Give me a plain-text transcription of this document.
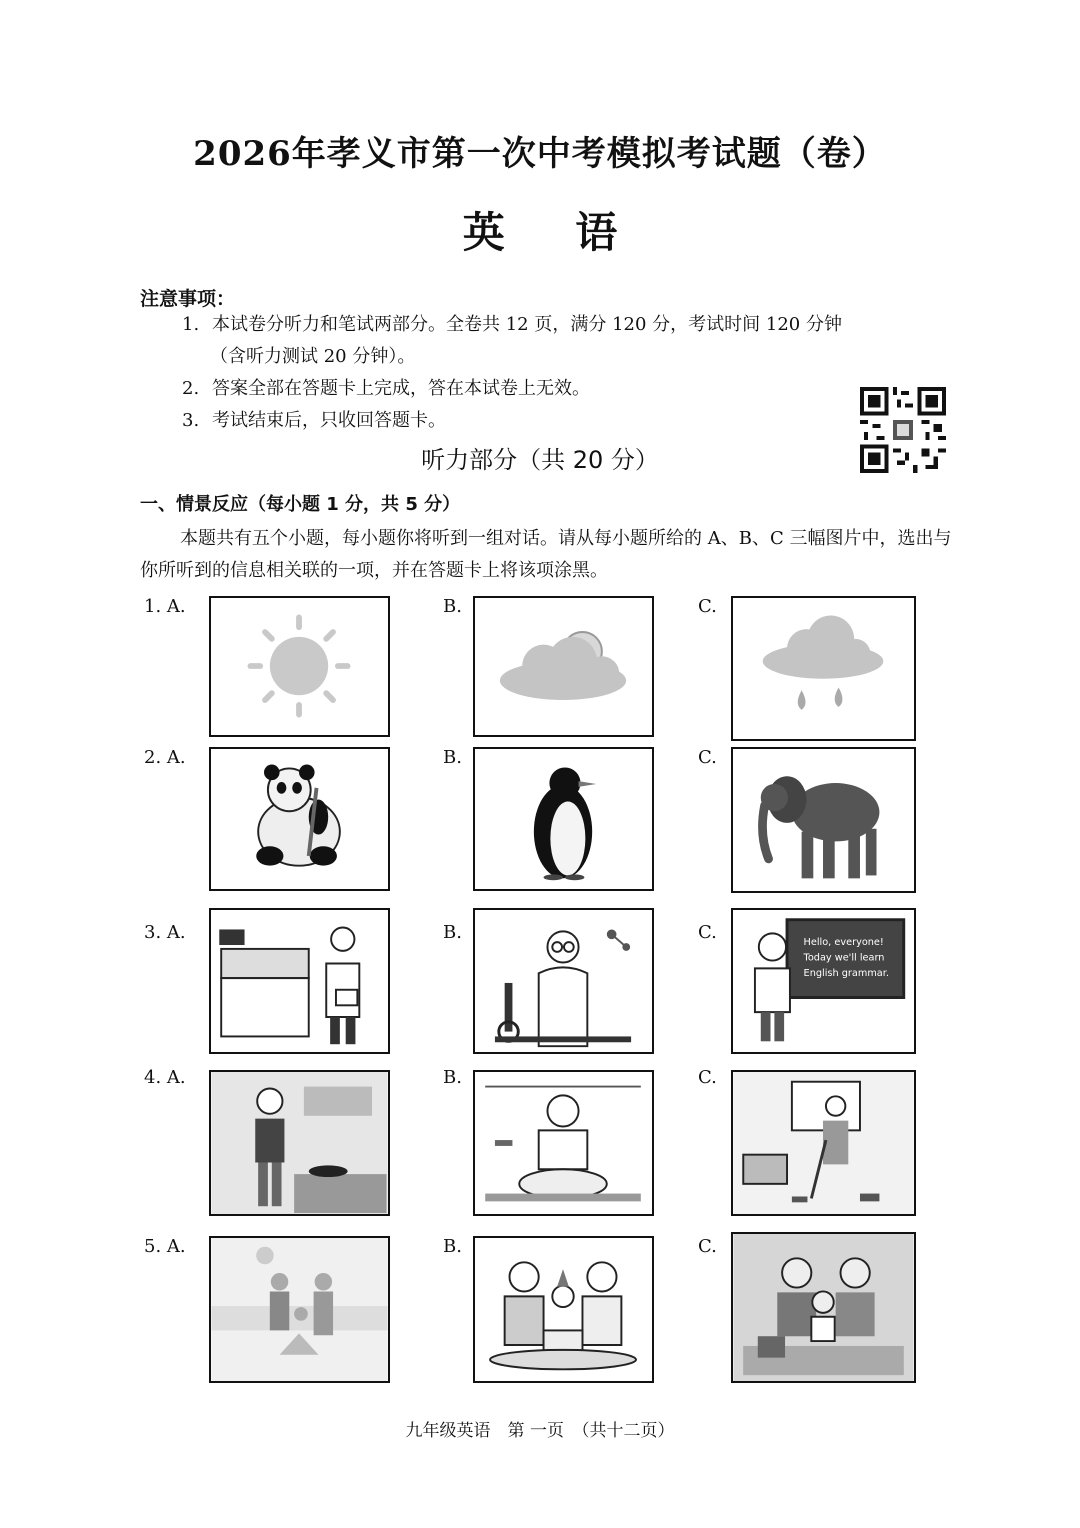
2026年孝义市第一次中考模拟考试题（卷）
英 语
注意事项：
1. 本试卷分听力和笔试两部分。全卷共 12 页，满分 120 分，考试时间 120 分钟
（含听力测试 20 分钟）。
2. 答案全部在答题卡上完成，答在本试卷上无效。
3. 考试结束后，只收回答题卡。
听力部分（共 20 分）
一、情景反应（每小题 1 分，共 5 分）
本题共有五个小题，每小题你将听到一组对话。请从每小题所给的 A、B、C 三幅图片中，选出与你所听到的信息相关联的一项，并在答题卡上将该项涂黑。
1. A.	B.	C.
2. A.	B.	C.
3. A.	B.	C.
4. A.	B.	C.
5. A.	B.	C.
Hello, everyone!
Today we'll learn
English grammar.
九年级英语　第 一页　（共十二页）
